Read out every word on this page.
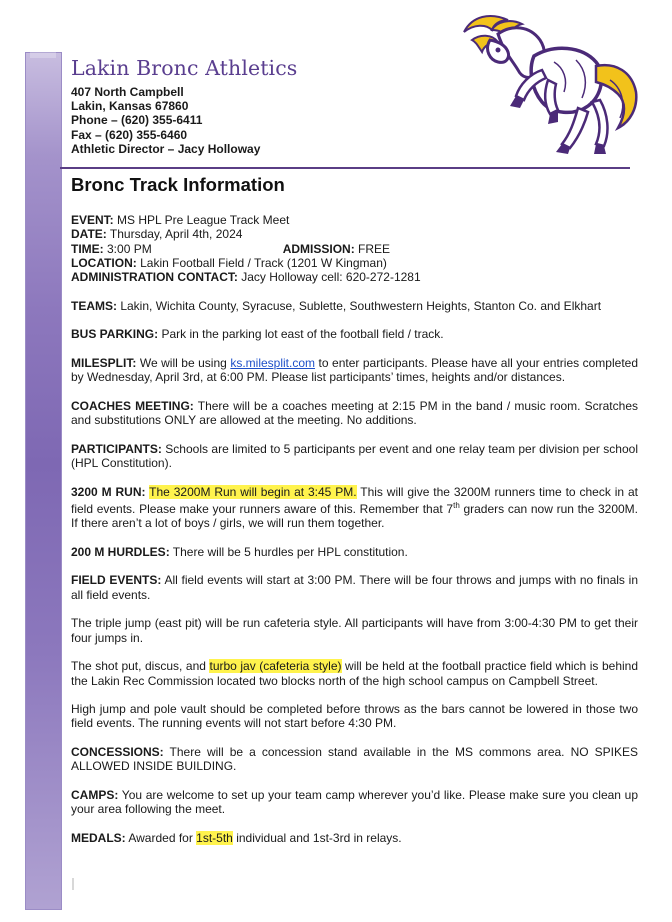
Lakin Bronc Athletics

407 North Campbell

Lakin, Kansas 67860

Phone – (620) 355-6411

Fax – (620) 355-6460

Athletic Director – Jacy Holloway

Bronc Track Information

EVENT: MS HPL Pre League Track Meet

DATE: Thursday, April 4th, 2024

TIME: 3:00 PM	ADMISSION: FREE

LOCATION: Lakin Football Field / Track (1201 W Kingman)

ADMINISTRATION CONTACT: Jacy Holloway cell: 620-272-1281

TEAMS: Lakin, Wichita County, Syracuse, Sublette, Southwestern Heights, Stanton Co. and Elkhart

BUS PARKING: Park in the parking lot east of the football field / track.

MILESPLIT: We will be using ks.milesplit.com to enter participants. Please have all your entries completed by Wednesday, April 3rd, at 6:00 PM. Please list participants’ times, heights and/or distances.

COACHES MEETING: There will be a coaches meeting at 2:15 PM in the band / music room. Scratches and substitutions ONLY are allowed at the meeting. No additions.

PARTICIPANTS: Schools are limited to 5 participants per event and one relay team per division per school (HPL Constitution).

3200 M RUN: The 3200M Run will begin at 3:45 PM. This will give the 3200M runners time to check in at field events. Please make your runners aware of this. Remember that 7th graders can now run the 3200M. If there aren’t a lot of boys / girls, we will run them together.

200 M HURDLES: There will be 5 hurdles per HPL constitution.

FIELD EVENTS: All field events will start at 3:00 PM. There will be four throws and jumps with no finals in all field events.

The triple jump (east pit) will be run cafeteria style. All participants will have from 3:00-4:30 PM to get their four jumps in.

The shot put, discus, and turbo jav (cafeteria style) will be held at the football practice field which is behind the Lakin Rec Commission located two blocks north of the high school campus on Campbell Street.

High jump and pole vault should be completed before throws as the bars cannot be lowered in those two field events. The running events will not start before 4:30 PM.

CONCESSIONS: There will be a concession stand available in the MS commons area. NO SPIKES ALLOWED INSIDE BUILDING.

CAMPS: You are welcome to set up your team camp wherever you’d like. Please make sure you clean up your area following the meet.

MEDALS: Awarded for 1st-5th individual and 1st-3rd in relays.
